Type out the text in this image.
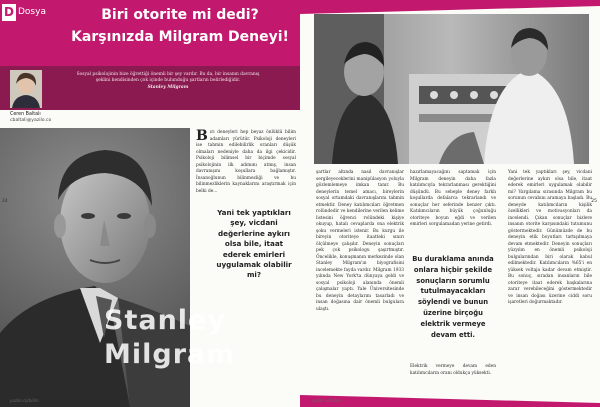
D Dosya	Biri otorite mi dedi?
Karşınızda Milgram Deneyi!
Sosyal psikolojinin bize öğrettiği önemli bir şey vardır. Bu da, bir insanın davranış
şeklini kendisinden çok içinde bulunduğu şartların belirlediğidir.
Stanley Milgram
Ceren Baltalı
cbaltali@yazilo.co
B ırı deneyleri hep beyaz önlüklü bilim adamları yürütür. Psikoloji deneyleri ise tahmin edilebilirlik oranları düşük olmaları nedeniyle daha da ilgi çekicidir. Psikoloji bilimsel bir biçimde sosyal psikolojinin ilk adımını atmış, insan davranışını koşullara bağlamıştır. İnsanoğlunun bilinmezliği ve bu bilinmezliklerin kaynaklarını araştırmak için belki de...
Yani tek yaptıkları şey, vicdani değerlerine aykırı olsa bile, itaat ederek emirleri uygulamak olabilir mi?
Stanley
Milgram
24
yazilo.co/bilim
şartlar altında nasıl davranışlar sergileyeceklerini manipülasyon yoluyla gözlemlemeye imkan tanır. Bu deneylerin temel amacı, bireylerin sosyal ortamdaki davranışlarını tahmin etmektir. Deney katılımcıları öğretmen rolündedir ve kendilerine verilen kelime listesini öğrenci rolündeki kişiye okuyup, hatalı cevaplarda ona elektrik şoku vermeleri istenir. Bu kurgu ile bireyin otoriteye itaatteki sınırı ölçülmeye çalışılır. Deneyin sonuçları pek çok psikologu şaşırtmıştır. Öncelikle, konuşmanın merkezinde olan Stanley Milgram'ın biyografisini incelemekte fayda vardır. Milgram 1933 yılında New York'ta dünyaya geldi ve sosyal psikoloji alanında önemli çalışmalar yaptı. Yale Üniversitesinde bu deneyin detaylarını tasarladı ve insan doğasına dair önemli bulgulara ulaştı.
hazırlamayacağını saptamak için Milgram deneyin daha fazla katılımcıyla tekrarlanması gerektiğini düşündü. Bu sebeple deney farklı koşullarda defalarca tekrarlandı ve sonuçlar her seferinde benzer çıktı. Katılımcıların büyük çoğunluğu otoriteye boyun eğdi ve verilen emirleri sorgulamadan yerine getirdi.
Bu duraklama anında onlara hiçbir şekilde sonuçların sorumlu tutulmayacakları söylendi ve bunun üzerine birçoğu elektrik vermeye devam etti.
Elektrik vermeye devam eden katılımcıların oranı oldukça yüksekti.
Yani tek yaptıkları şey, vicdani değerlerine aykırı olsa bile, itaat ederek emirleri uygulamak olabilir mi? Vargılama sırasında Milgram bu sorunun cevabını aramaya başladı. Bu deneyde katılımcıların kişilik özellikleri ve motivasyonları da incelendi. Çıkan sonuçlar bizlere insanın otorite karşısındaki tutumunu göstermektedir. Günümüzde de bu deneyin etik boyutları tartışılmaya devam etmektedir. Deneyin sonuçları yüzyılın en önemli psikoloji bulgularından biri olarak kabul edilmektedir. Katılımcıların %65'i en yüksek voltaja kadar devam etmiştir. Bu sonuç, sıradan insanların bile otoriteye itaat ederek başkalarına zarar verebileceğini göstermektedir ve insan doğası üzerine ciddi soru işaretleri doğurmaktadır.
25
yazilo.co/bilim
